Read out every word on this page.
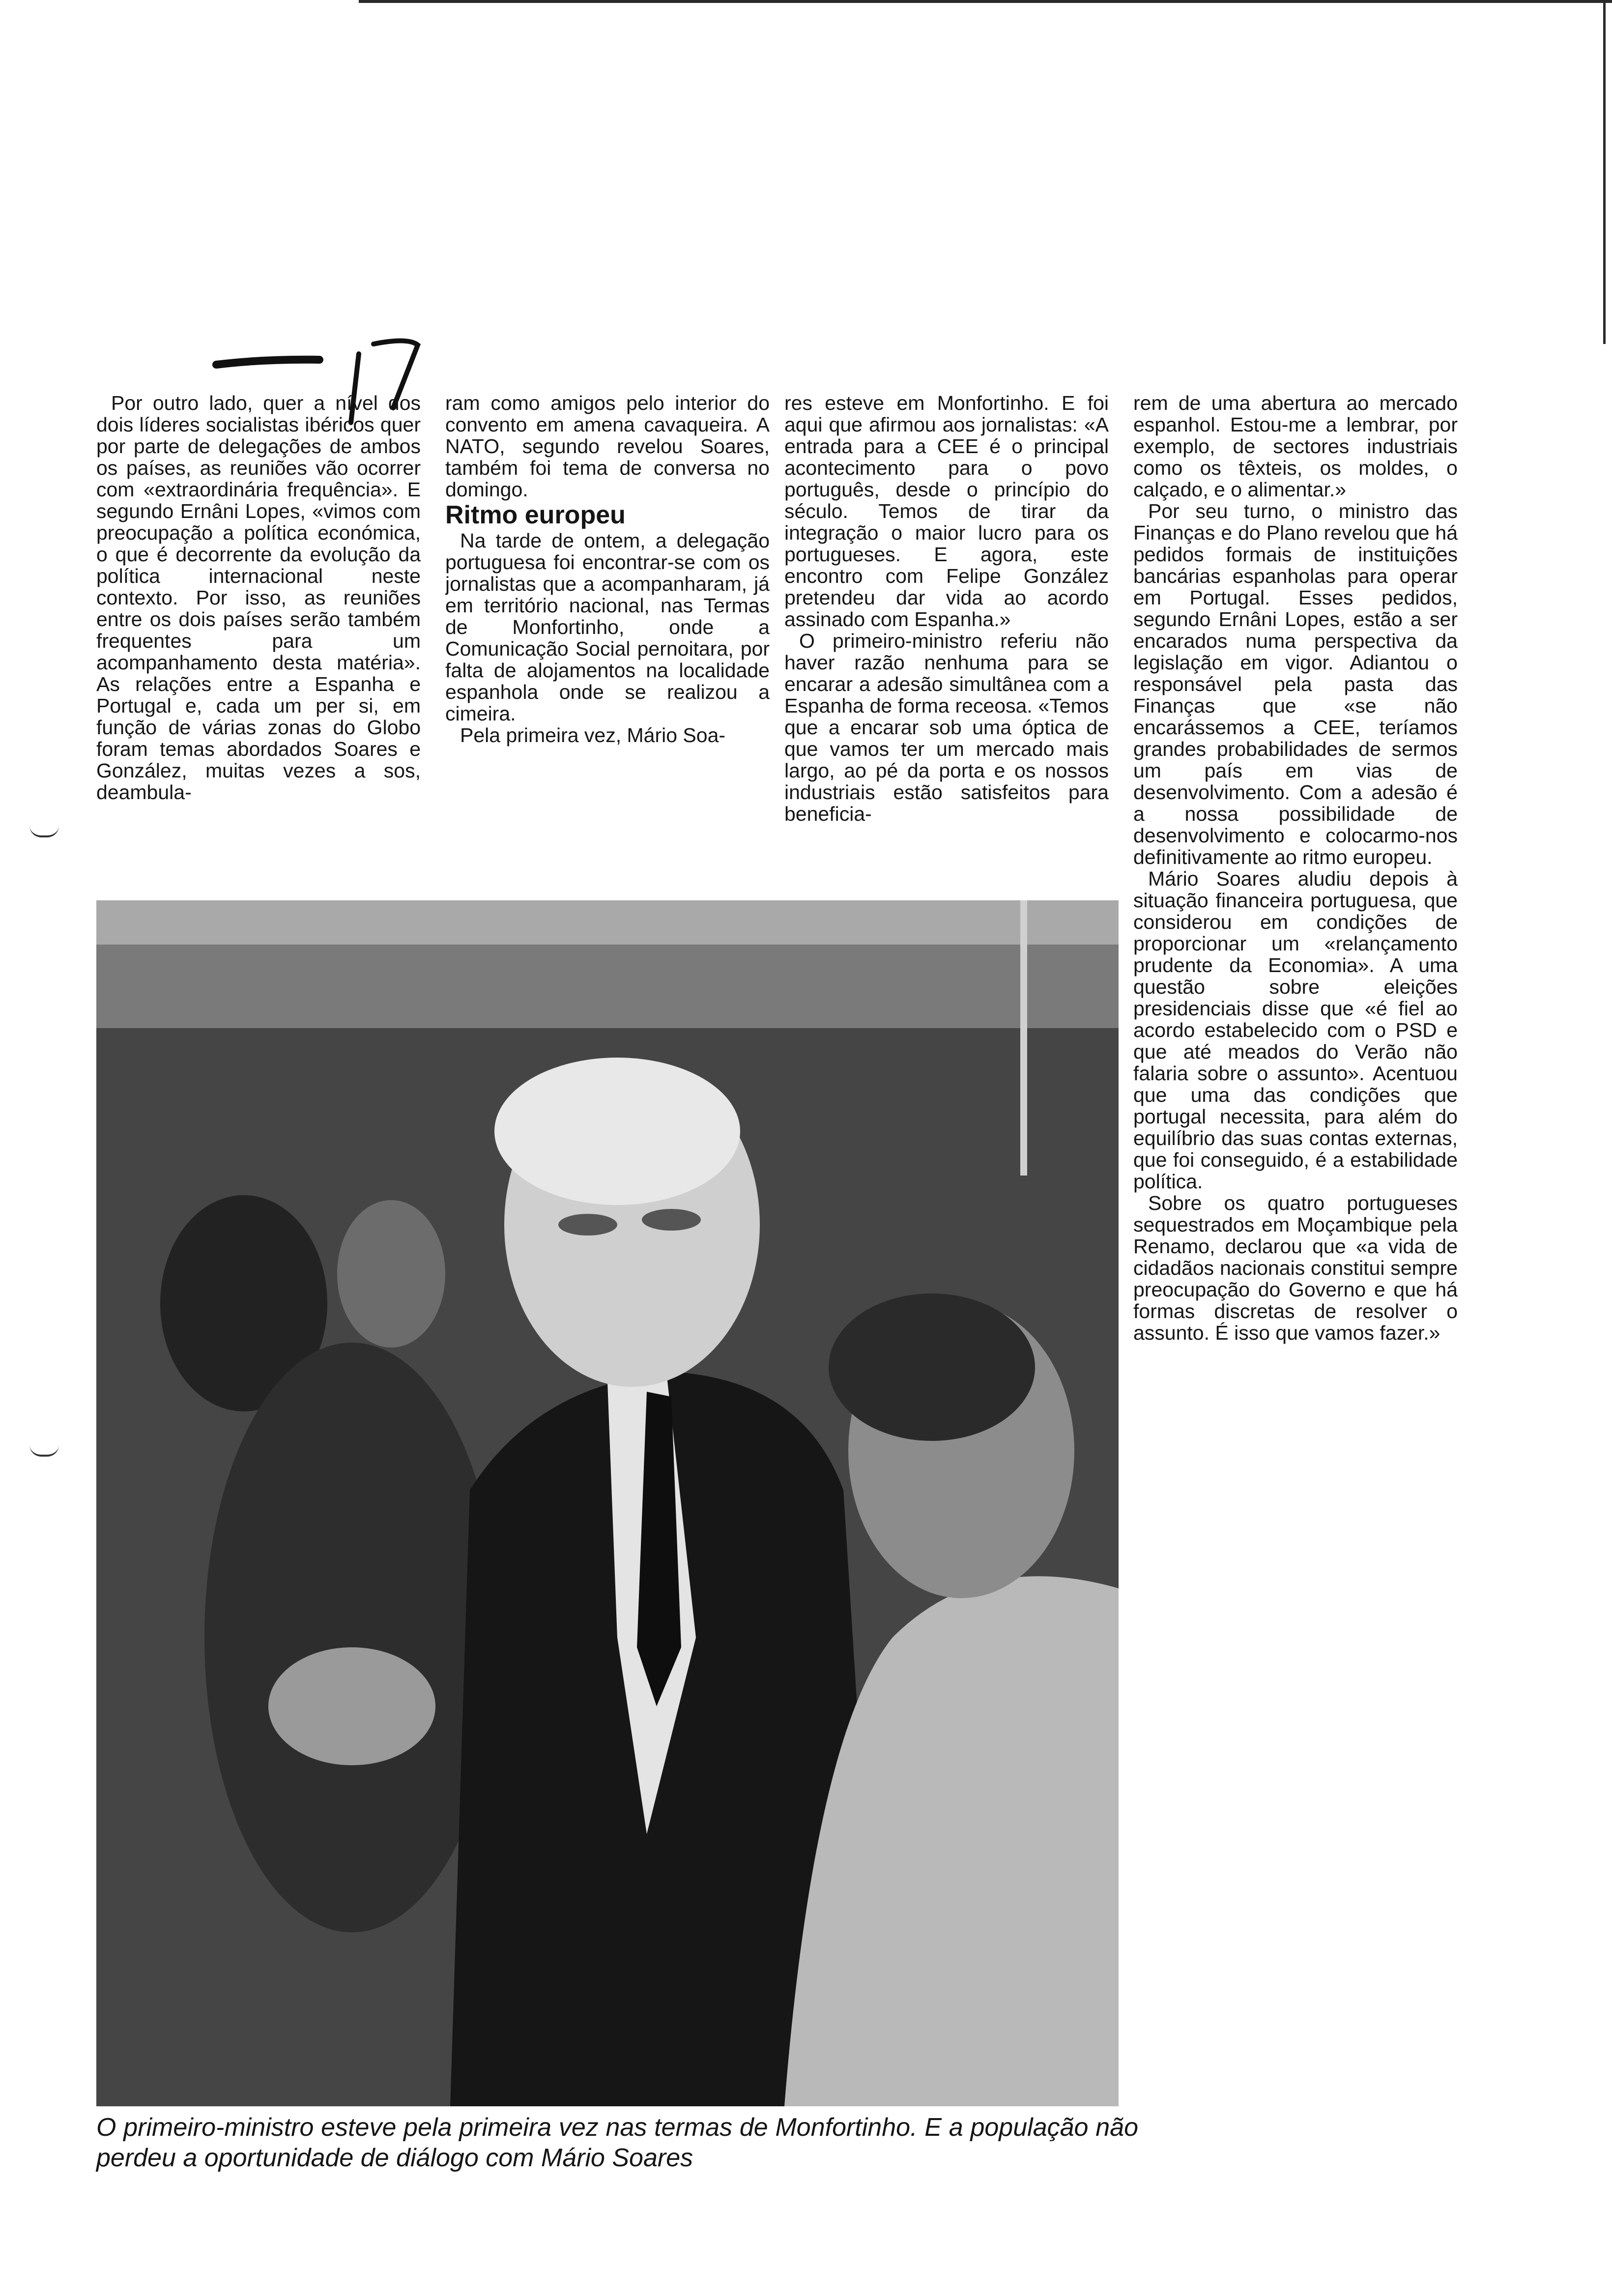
Por outro lado, quer a nível dos dois líderes socialistas ibéricos quer por parte de delegações de ambos os países, as reuniões vão ocorrer com «extraordinária frequência». E segundo Ernâni Lopes, «vimos com preocupação a política económica, o que é decorrente da evolução da política internacional neste contexto. Por isso, as reuniões entre os dois países serão também frequentes para um acompanhamento desta matéria». As relações entre a Espanha e Portugal e, cada um per si, em função de várias zonas do Globo foram temas abordados Soares e González, muitas vezes a sos, deambula-

ram como amigos pelo interior do convento em amena cavaqueira. A NATO, segundo revelou Soares, também foi tema de conversa no domingo.

Ritmo europeu

Na tarde de ontem, a delegação portuguesa foi encontrar-se com os jornalistas que a acompanharam, já em território nacional, nas Termas de Monfortinho, onde a Comunicação Social pernoitara, por falta de alojamentos na localidade espanhola onde se realizou a cimeira.

Pela primeira vez, Mário Soa-

res esteve em Monfortinho. E foi aqui que afirmou aos jornalistas: «A entrada para a CEE é o principal acontecimento para o povo português, desde o princípio do século. Temos de tirar da integração o maior lucro para os portugueses. E agora, este encontro com Felipe González pretendeu dar vida ao acordo assinado com Espanha.»

O primeiro-ministro referiu não haver razão nenhuma para se encarar a adesão simultânea com a Espanha de forma receosa. «Temos que a encarar sob uma óptica de que vamos ter um mercado mais largo, ao pé da porta e os nossos industriais estão satisfeitos para beneficia-

rem de uma abertura ao mercado espanhol. Estou-me a lembrar, por exemplo, de sectores industriais como os têxteis, os moldes, o calçado, e o alimentar.»

Por seu turno, o ministro das Finanças e do Plano revelou que há pedidos formais de instituições bancárias espanholas para operar em Portugal. Esses pedidos, segundo Ernâni Lopes, estão a ser encarados numa perspectiva da legislação em vigor. Adiantou o responsável pela pasta das Finanças que «se não encarássemos a CEE, teríamos grandes probabilidades de sermos um país em vias de desenvolvimento. Com a adesão é a nossa possibilidade de desenvolvimento e colocarmo-nos definitivamente ao ritmo europeu.

Mário Soares aludiu depois à situação financeira portuguesa, que considerou em condições de proporcionar um «relançamento prudente da Economia». A uma questão sobre eleições presidenciais disse que «é fiel ao acordo estabelecido com o PSD e que até meados do Verão não falaria sobre o assunto». Acentuou que uma das condições que portugal necessita, para além do equilíbrio das suas contas externas, que foi conseguido, é a estabilidade política.

Sobre os quatro portugueses sequestrados em Moçambique pela Renamo, declarou que «a vida de cidadãos nacionais constitui sempre preocupação do Governo e que há formas discretas de resolver o assunto. É isso que vamos fazer.»

O primeiro-ministro esteve pela primeira vez nas termas de Monfortinho. E a população não perdeu a oportunidade de diálogo com Mário Soares
